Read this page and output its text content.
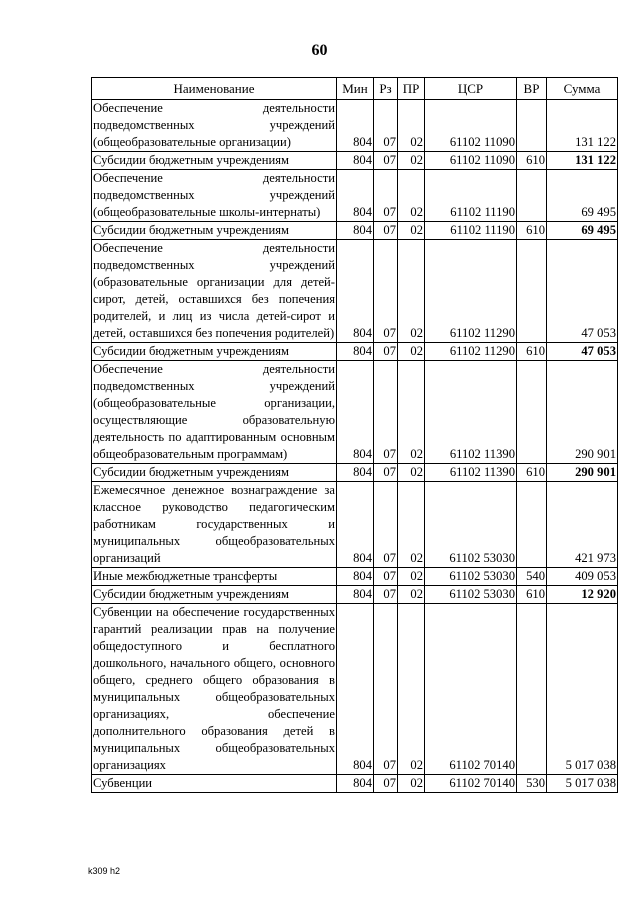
60
Наименование	Мин	Рз	ПР	ЦСР	ВР	Сумма
Обеспечение деятельности подведомственных учреждений (общеобразовательные организации)	804	07	02	61102 11090		131 122
Субсидии бюджетным учреждениям	804	07	02	61102 11090	610	131 122
Обеспечение деятельности подведомственных учреждений (общеобразовательные школы-интернаты)	804	07	02	61102 11190		69 495
Субсидии бюджетным учреждениям	804	07	02	61102 11190	610	69 495
Обеспечение деятельности подведомственных учреждений (образовательные организации для детей-сирот, детей, оставшихся без попечения родителей, и лиц из числа детей-сирот и детей, оставшихся без попечения родителей)	804	07	02	61102 11290		47 053
Субсидии бюджетным учреждениям	804	07	02	61102 11290	610	47 053
Обеспечение деятельности подведомственных учреждений (общеобразовательные организации, осуществляющие образовательную деятельность по адаптированным основным общеобразовательным программам)	804	07	02	61102 11390		290 901
Субсидии бюджетным учреждениям	804	07	02	61102 11390	610	290 901
Ежемесячное денежное вознаграждение за классное руководство педагогическим работникам государственных и муниципальных общеобразовательных организаций	804	07	02	61102 53030		421 973
Иные межбюджетные трансферты	804	07	02	61102 53030	540	409 053
Субсидии бюджетным учреждениям	804	07	02	61102 53030	610	12 920
Субвенции на обеспечение государственных гарантий реализации прав на получение общедоступного и бесплатного дошкольного, начального общего, основного общего, среднего общего образования в муниципальных общеобразовательных организациях, обеспечение дополнительного образования детей в муниципальных общеобразовательных организациях	804	07	02	61102 70140		5 017 038
Субвенции	804	07	02	61102 70140	530	5 017 038
k309 h2
